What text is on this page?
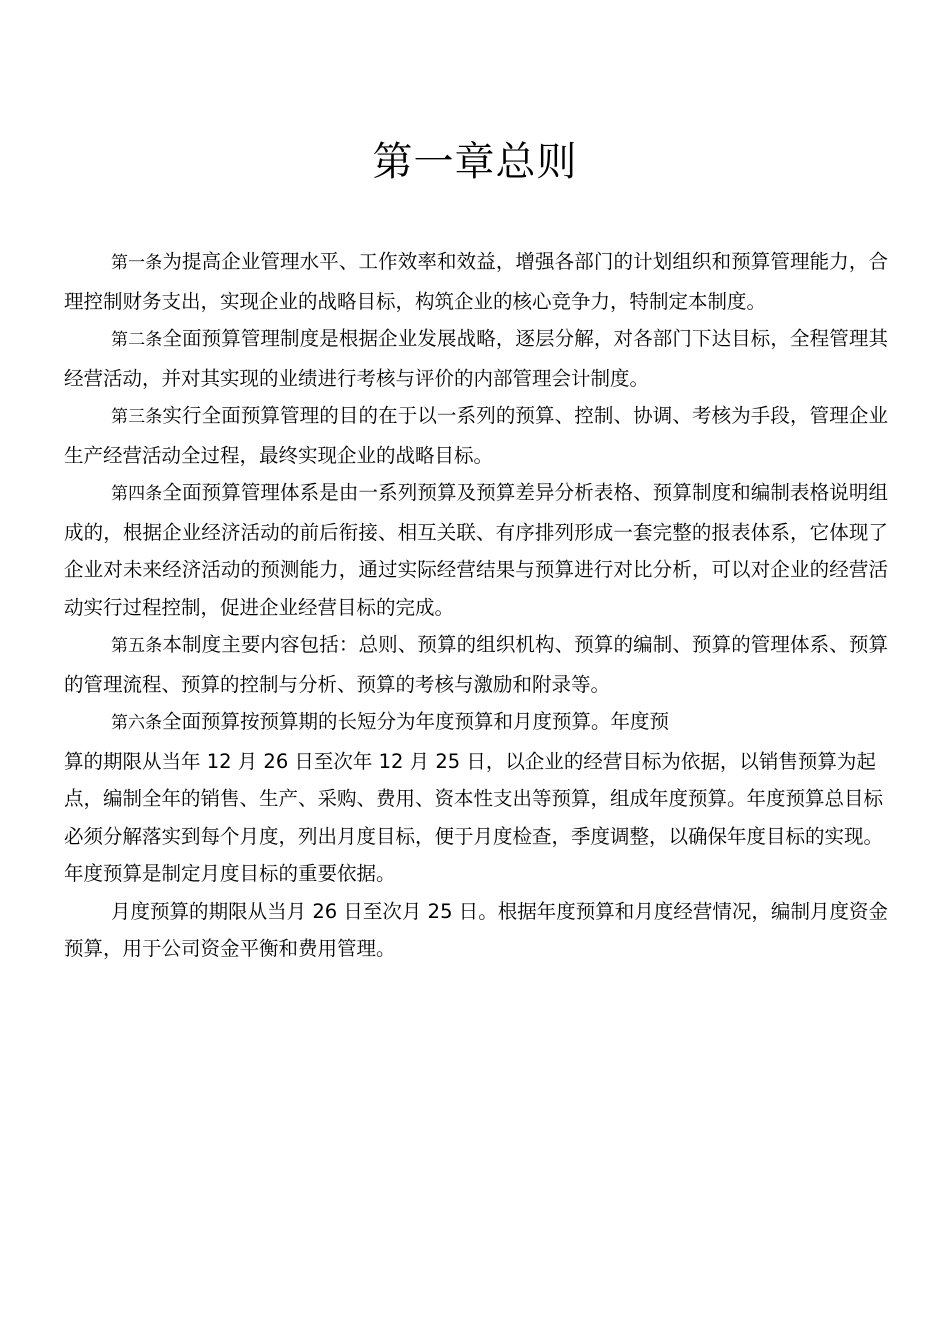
第一章总则

第一条为提高企业管理水平、工作效率和效益，增强各部门的计划组织和预算管理能力，合理控制财务支出，实现企业的战略目标，构筑企业的核心竞争力，特制定本制度。

第二条全面预算管理制度是根据企业发展战略，逐层分解，对各部门下达目标，全程管理其经营活动，并对其实现的业绩进行考核与评价的内部管理会计制度。

第三条实行全面预算管理的目的在于以一系列的预算、控制、协调、考核为手段，管理企业生产经营活动全过程，最终实现企业的战略目标。

第四条全面预算管理体系是由一系列预算及预算差异分析表格、预算制度和编制表格说明组成的，根据企业经济活动的前后衔接、相互关联、有序排列形成一套完整的报表体系，它体现了企业对未来经济活动的预测能力，通过实际经营结果与预算进行对比分析，可以对企业的经营活动实行过程控制，促进企业经营目标的完成。

第五条本制度主要内容包括：总则、预算的组织机构、预算的编制、预算的管理体系、预算的管理流程、预算的控制与分析、预算的考核与激励和附录等。

第六条全面预算按预算期的长短分为年度预算和月度预算。年度预
算的期限从当年 12 月 26 日至次年 12 月 25 日，以企业的经营目标为依据，以销售预算为起点，编制全年的销售、生产、采购、费用、资本性支出等预算，组成年度预算。年度预算总目标必须分解落实到每个月度，列出月度目标，便于月度检查，季度调整，以确保年度目标的实现。年度预算是制定月度目标的重要依据。

月度预算的期限从当月 26 日至次月 25 日。根据年度预算和月度经营情况，编制月度资金预算，用于公司资金平衡和费用管理。
